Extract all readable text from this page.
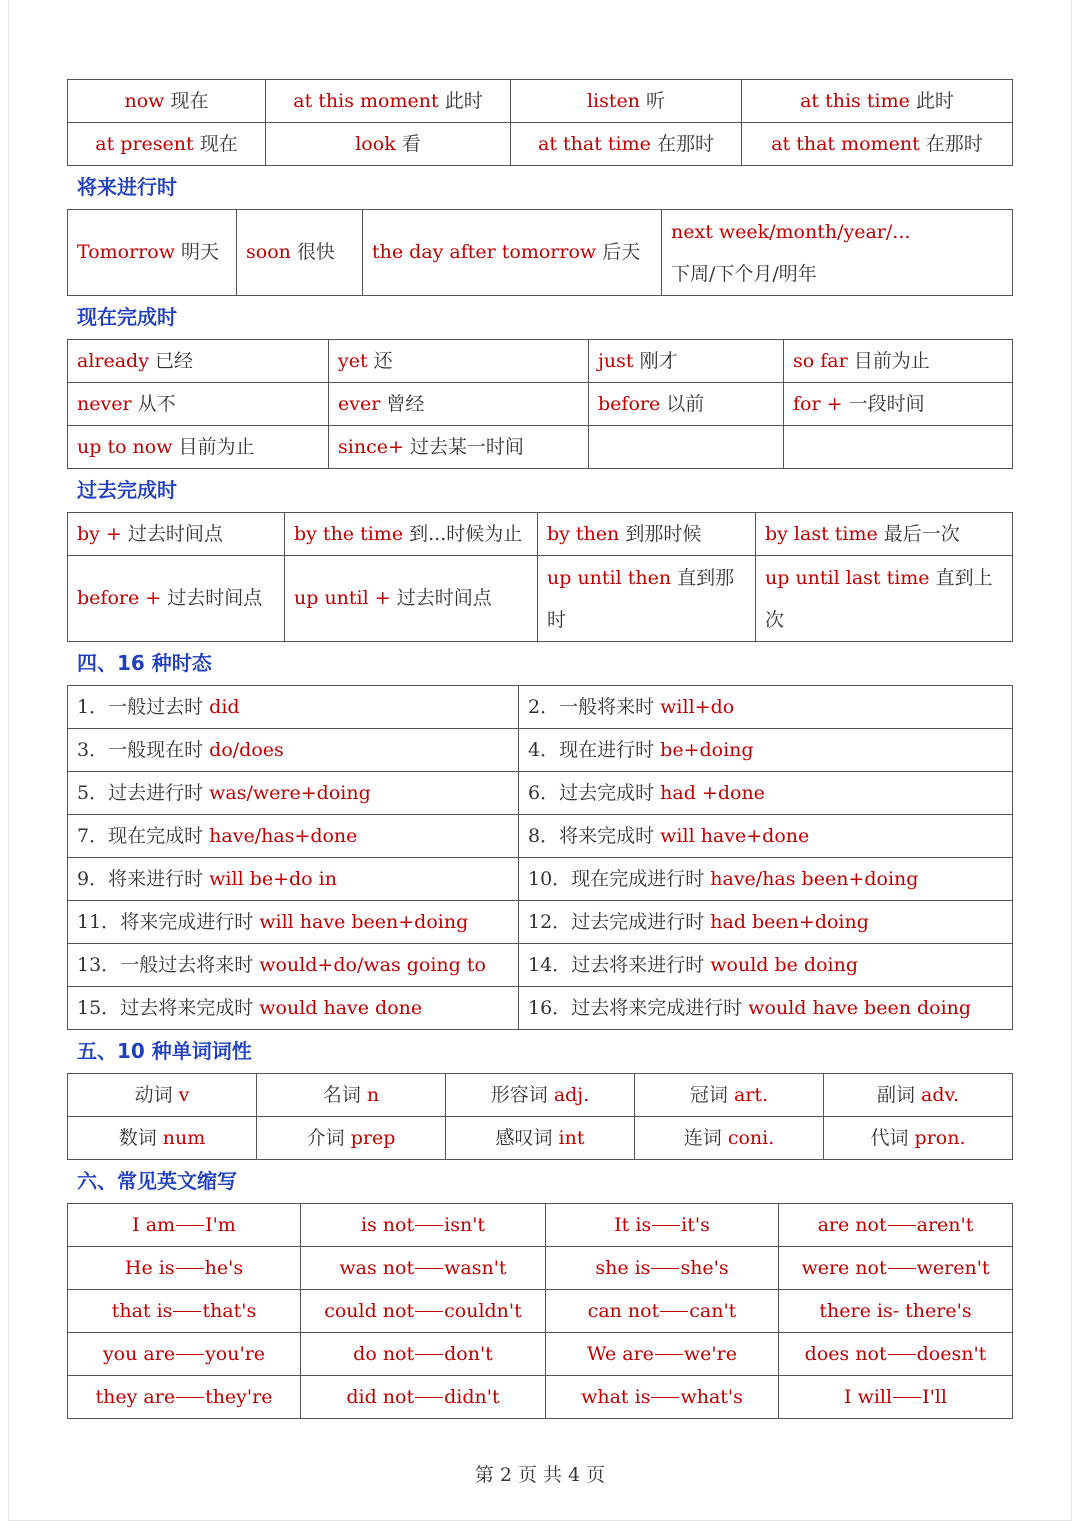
now 现在	at this moment 此时	listen 听	at this time 此时
at present 现在	look 看	at that time 在那时	at that moment 在那时
将来进行时
Tomorrow 明天	soon 很快	the day after tomorrow 后天	next week/month/year/...
下周/下个月/明年
现在完成时
already 已经	yet 还	just 刚才	so far 目前为止
never 从不	ever 曾经	before 以前	for + 一段时间
up to now 目前为止	since+ 过去某一时间		
过去完成时
by + 过去时间点	by the time 到...时候为止	by then 到那时候	by last time 最后一次
before + 过去时间点	up until + 过去时间点	up until then 直到那时	up until last time 直到上次
四、16 种时态
1．一般过去时 did	2．一般将来时 will+do
3．一般现在时 do/does	4．现在进行时 be+doing
5．过去进行时 was/were+doing	6．过去完成时 had +done
7．现在完成时 have/has+done	8．将来完成时 will have+done
9．将来进行时 will be+do in	10．现在完成进行时 have/has been+doing
11．将来完成进行时 will have been+doing	12．过去完成进行时 had been+doing
13．一般过去将来时 would+do/was going to	14．过去将来进行时 would be doing
15．过去将来完成时 would have done	16．过去将来完成进行时 would have been doing
五、10 种单词词性
动词 v	名词 n	形容词 adj.	冠词 art.	副词 adv.
数词 num	介词 prep	感叹词 int	连词 coni.	代词 pron.
六、常见英文缩写
I am I'm	is not isn't	It is it's	are not aren't
He is he's	was not wasn't	she is she's	were not weren't
that is that's	could not couldn't	can not can't	there is- there's
you are you're	do not don't	We are we're	does not doesn't
they are they're	did not didn't	what is what's	I will I'll
第 2 页 共 4 页
